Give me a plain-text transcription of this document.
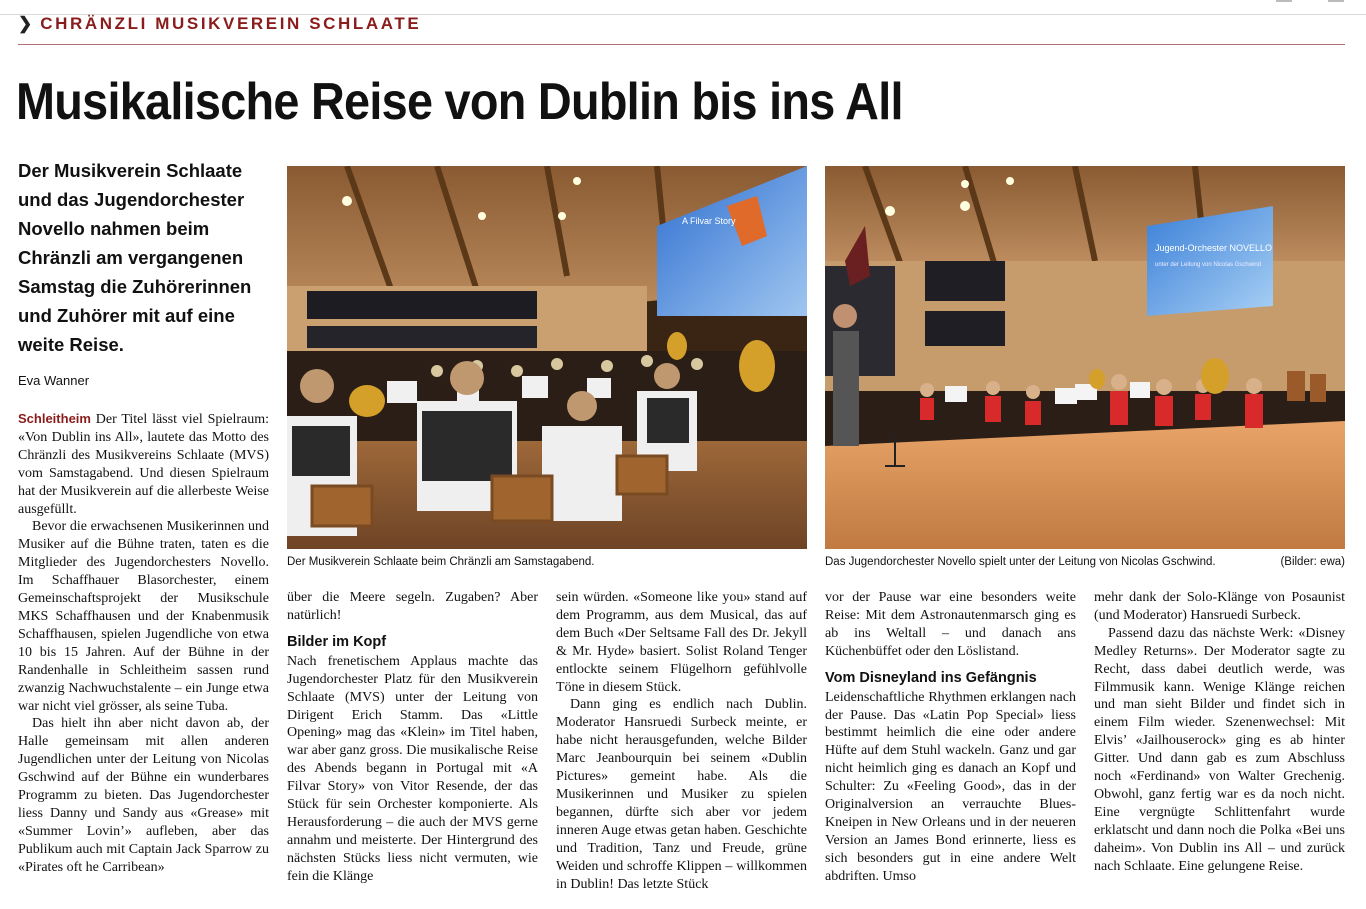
❯ CHRÄNZLI MUSIKVEREIN SCHLAATE
Musikalische Reise von Dublin bis ins All

Der Musikverein Schlaate und das Jugendorchester Novello nahmen beim Chränzli am vergangenen Samstag die Zuhörerinnen und Zuhörer mit auf eine weite Reise.

Eva Wanner

Schleitheim Der Titel lässt viel Spielraum: «Von Dublin ins All», lautete das Motto des Chränzli des Musikvereins Schlaate (MVS) vom Samstagabend. Und diesen Spielraum hat der Musikverein auf die allerbeste Weise ausgefüllt.

Bevor die erwachsenen Musikerinnen und Musiker auf die Bühne traten, taten es die Mitglieder des Jugendorchesters Novello. Im Schaffhauer Blasorchester, einem Gemeinschaftsprojekt der Musikschule MKS Schaffhausen und der Knabenmusik Schaffhausen, spielen Jugendliche von etwa 10 bis 15 Jahren. Auf der Bühne in der Randenhalle in Schleitheim sassen rund zwanzig Nachwuchstalente – ein Junge etwa war nicht viel grösser, als seine Tuba.

Das hielt ihn aber nicht davon ab, der Halle gemeinsam mit allen anderen Jugendlichen unter der Leitung von Nicolas Gschwind auf der Bühne ein wunderbares Programm zu bieten. Das Jugendorchester liess Danny und Sandy aus «Grease» mit «Summer Lovin’» aufleben, aber das Publikum auch mit Captain Jack Sparrow zu «Pirates oft he Carribean»

A Filvar Story
Jugend-Orchester NOVELLO
unter der Leitung von Nicolas Gschwind
Der Musikverein Schlaate beim Chränzli am Samstagabend.	Das Jugendorchester Novello spielt unter der Leitung von Nicolas Gschwind.	(Bilder: ewa)

über die Meere segeln. Zugaben? Aber natürlich!

Bilder im Kopf

Nach frenetischem Applaus machte das Jugendorchester Platz für den Musikverein Schlaate (MVS) unter der Leitung von Dirigent Erich Stamm. Das «Little Opening» mag das «Klein» im Titel haben, war aber ganz gross. Die musikalische Reise des Abends begann in Portugal mit «A Filvar Story» von Vitor Resende, der das Stück für sein Orchester komponierte. Als Herausforderung – die auch der MVS gerne annahm und meisterte. Der Hintergrund des nächsten Stücks liess nicht vermuten, wie fein die Klänge

sein würden. «Someone like you» stand auf dem Programm, aus dem Musical, das auf dem Buch «Der Seltsame Fall des Dr. Jekyll & Mr. Hyde» basiert. Solist Roland Tenger entlockte seinem Flügelhorn gefühlvolle Töne in diesem Stück.

Dann ging es endlich nach Dublin. Moderator Hansruedi Surbeck meinte, er habe nicht herausgefunden, welche Bilder Marc Jeanbourquin bei seinem «Dublin Pictures» gemeint habe. Als die Musikerinnen und Musiker zu spielen begannen, dürfte sich aber vor jedem inneren Auge etwas getan haben. Geschichte und Tradition, Tanz und Freude, grüne Weiden und schroffe Klippen – willkommen in Dublin! Das letzte Stück

vor der Pause war eine besonders weite Reise: Mit dem Astronautenmarsch ging es ab ins Weltall – und danach ans Küchenbüffet oder den Löslistand.

Vom Disneyland ins Gefängnis

Leidenschaftliche Rhythmen erklangen nach der Pause. Das «Latin Pop Special» liess bestimmt heimlich die eine oder andere Hüfte auf dem Stuhl wackeln. Ganz und gar nicht heimlich ging es danach an Kopf und Schulter: Zu «Feeling Good», das in der Originalversion an verrauchte Blues-Kneipen in New Orleans und in der neueren Version an James Bond erinnerte, liess es sich besonders gut in eine andere Welt abdriften. Umso

mehr dank der Solo-Klänge von Posaunist (und Moderator) Hansruedi Surbeck.

Passend dazu das nächste Werk: «Disney Medley Returns». Der Moderator sagte zu Recht, dass dabei deutlich werde, was Filmmusik kann. Wenige Klänge reichen und man sieht Bilder und findet sich in einem Film wieder. Szenenwechsel: Mit Elvis’ «Jailhouserock» ging es ab hinter Gitter. Und dann gab es zum Abschluss noch «Ferdinand» von Walter Grechenig. Obwohl, ganz fertig war es da noch nicht. Eine vergnügte Schlittenfahrt wurde erklatscht und dann noch die Polka «Bei uns daheim». Von Dublin ins All – und zurück nach Schlaate. Eine gelungene Reise.
